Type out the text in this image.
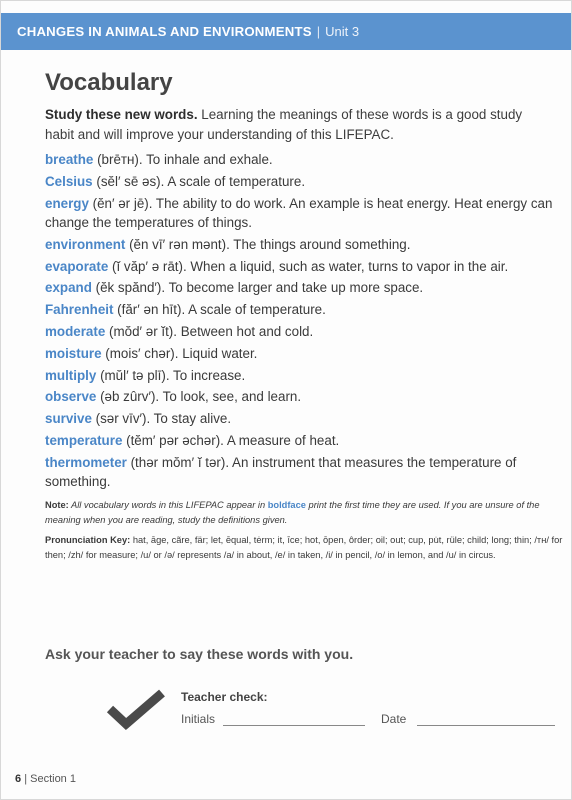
CHANGES IN ANIMALS AND ENVIRONMENTS | Unit 3
Vocabulary
Study these new words. Learning the meanings of these words is a good study habit and will improve your understanding of this LIFEPAC.
breathe (brēᴛʜ). To inhale and exhale.
Celsius (sĕl′ sē əs). A scale of temperature.
energy (ĕn′ ər jē). The ability to do work. An example is heat energy. Heat energy can change the temperatures of things.
environment (ĕn vī′ rən mənt). The things around something.
evaporate (ĭ văp′ ə rāt). When a liquid, such as water, turns to vapor in the air.
expand (ĕk spănd′). To become larger and take up more space.
Fahrenheit (făr′ ən hīt). A scale of temperature.
moderate (mŏd′ ər ĭt). Between hot and cold.
moisture (mois′ chər). Liquid water.
multiply (mŭl′ tə plī). To increase.
observe (əb zûrv′). To look, see, and learn.
survive (sər vīv′). To stay alive.
temperature (tĕm′ pər əchər). A measure of heat.
thermometer (thər mŏm′ ĭ tər). An instrument that measures the temperature of something.
Note: All vocabulary words in this LIFEPAC appear in boldface print the first time they are used. If you are unsure of the meaning when you are reading, study the definitions given.
Pronunciation Key: hat, āge, cãre, fär; let, ēqual, tėrm; it, īce; hot, ōpen, ôrder; oil; out; cup, pu̇t, rüle; child; long; thin; /ᴛʜ/ for then; /zh/ for measure; /u/ or /ə/ represents /a/ in about, /e/ in taken, /i/ in pencil, /o/ in lemon, and /u/ in circus.
Ask your teacher to say these words with you.
Teacher check:
Initials	Date
6 | Section 1
